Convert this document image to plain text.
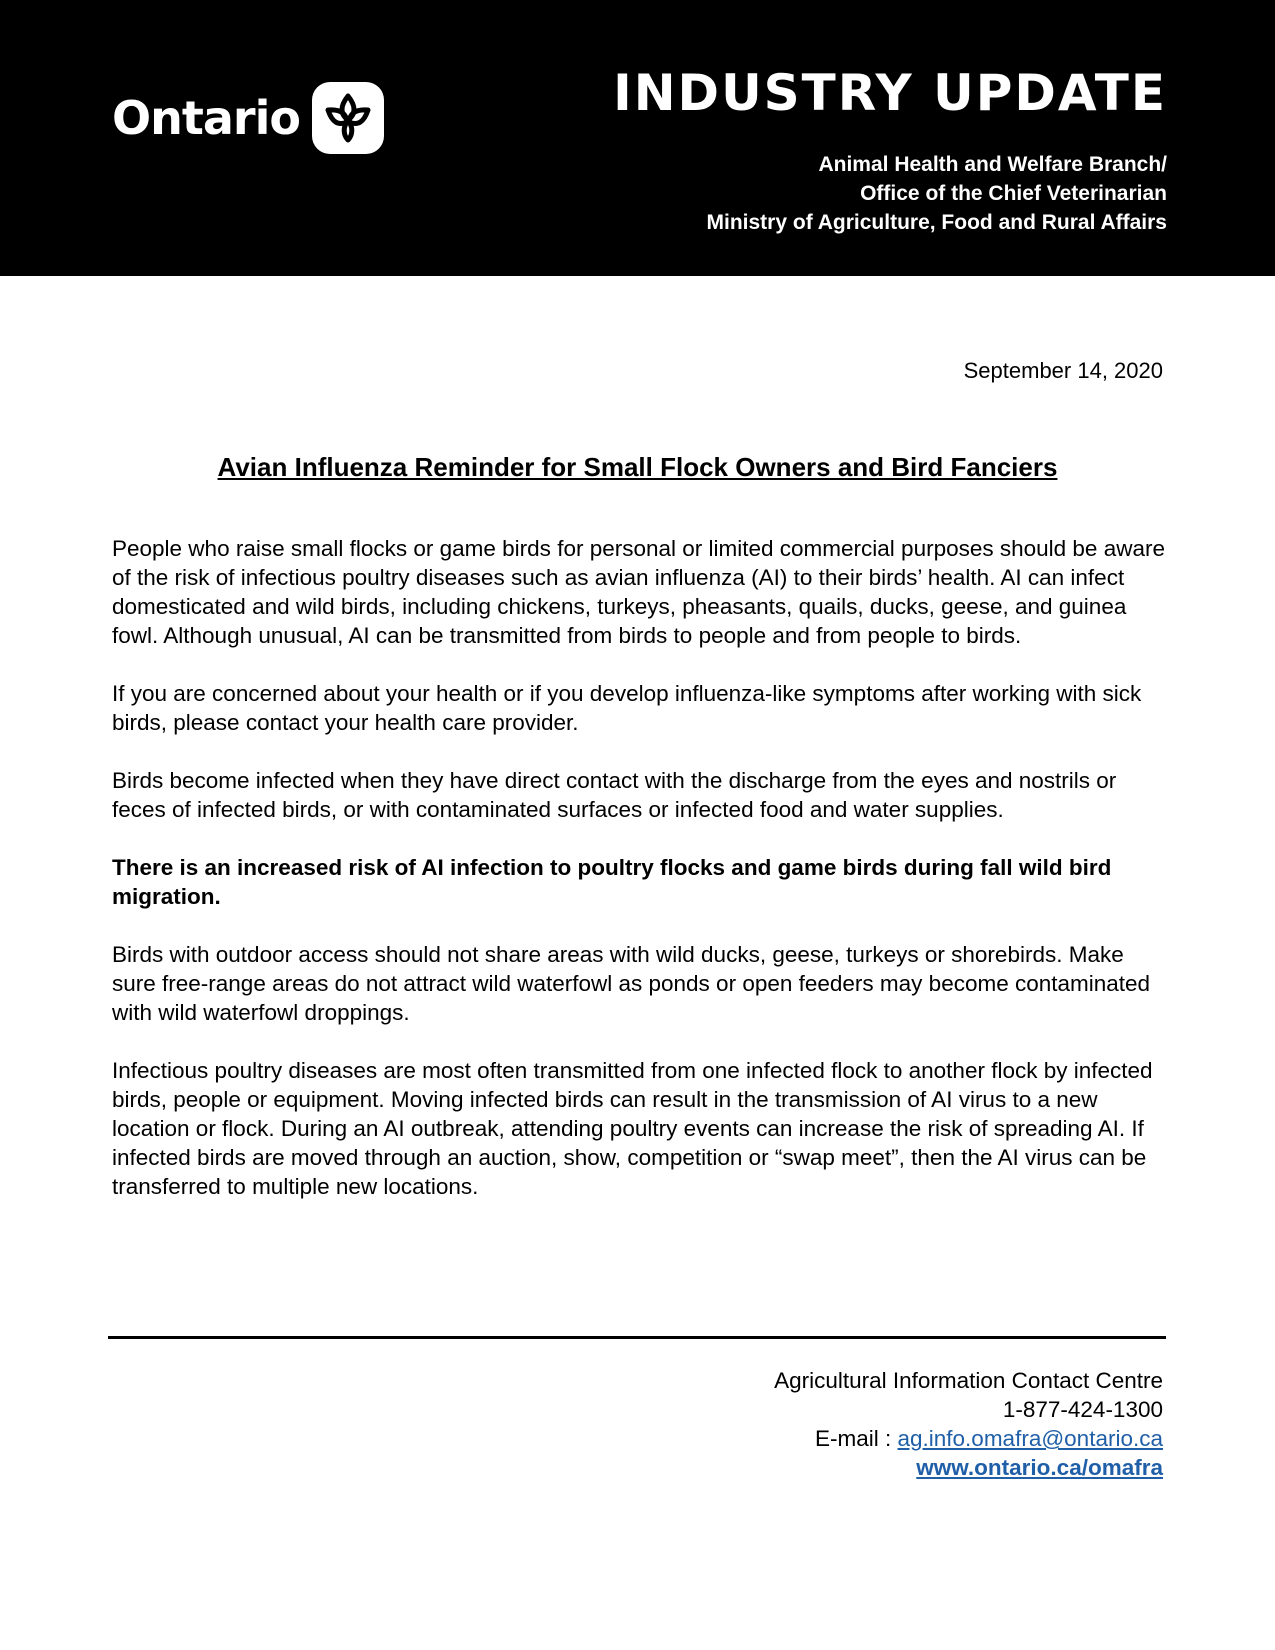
Ontario	INDUSTRY UPDATE
Animal Health and Welfare Branch/
Office of the Chief Veterinarian
Ministry of Agriculture, Food and Rural Affairs
September 14, 2020
Avian Influenza Reminder for Small Flock Owners and Bird Fanciers

People who raise small flocks or game birds for personal or limited commercial purposes should be aware of the risk of infectious poultry diseases such as avian influenza (AI) to their birds’ health. AI can infect domesticated and wild birds, including chickens, turkeys, pheasants, quails, ducks, geese, and guinea fowl. Although unusual, AI can be transmitted from birds to people and from people to birds.

If you are concerned about your health or if you develop influenza-like symptoms after working with sick birds, please contact your health care provider.

Birds become infected when they have direct contact with the discharge from the eyes and nostrils or feces of infected birds, or with contaminated surfaces or infected food and water supplies.

There is an increased risk of AI infection to poultry flocks and game birds during fall wild bird migration.

Birds with outdoor access should not share areas with wild ducks, geese, turkeys or shorebirds. Make sure free-range areas do not attract wild waterfowl as ponds or open feeders may become contaminated with wild waterfowl droppings.

Infectious poultry diseases are most often transmitted from one infected flock to another flock by infected birds, people or equipment. Moving infected birds can result in the transmission of AI virus to a new location or flock. During an AI outbreak, attending poultry events can increase the risk of spreading AI. If infected birds are moved through an auction, show, competition or “swap meet”, then the AI virus can be transferred to multiple new locations.

Agricultural Information Contact Centre
1-877-424-1300
E-mail : ag.info.omafra@ontario.ca
www.ontario.ca/omafra
